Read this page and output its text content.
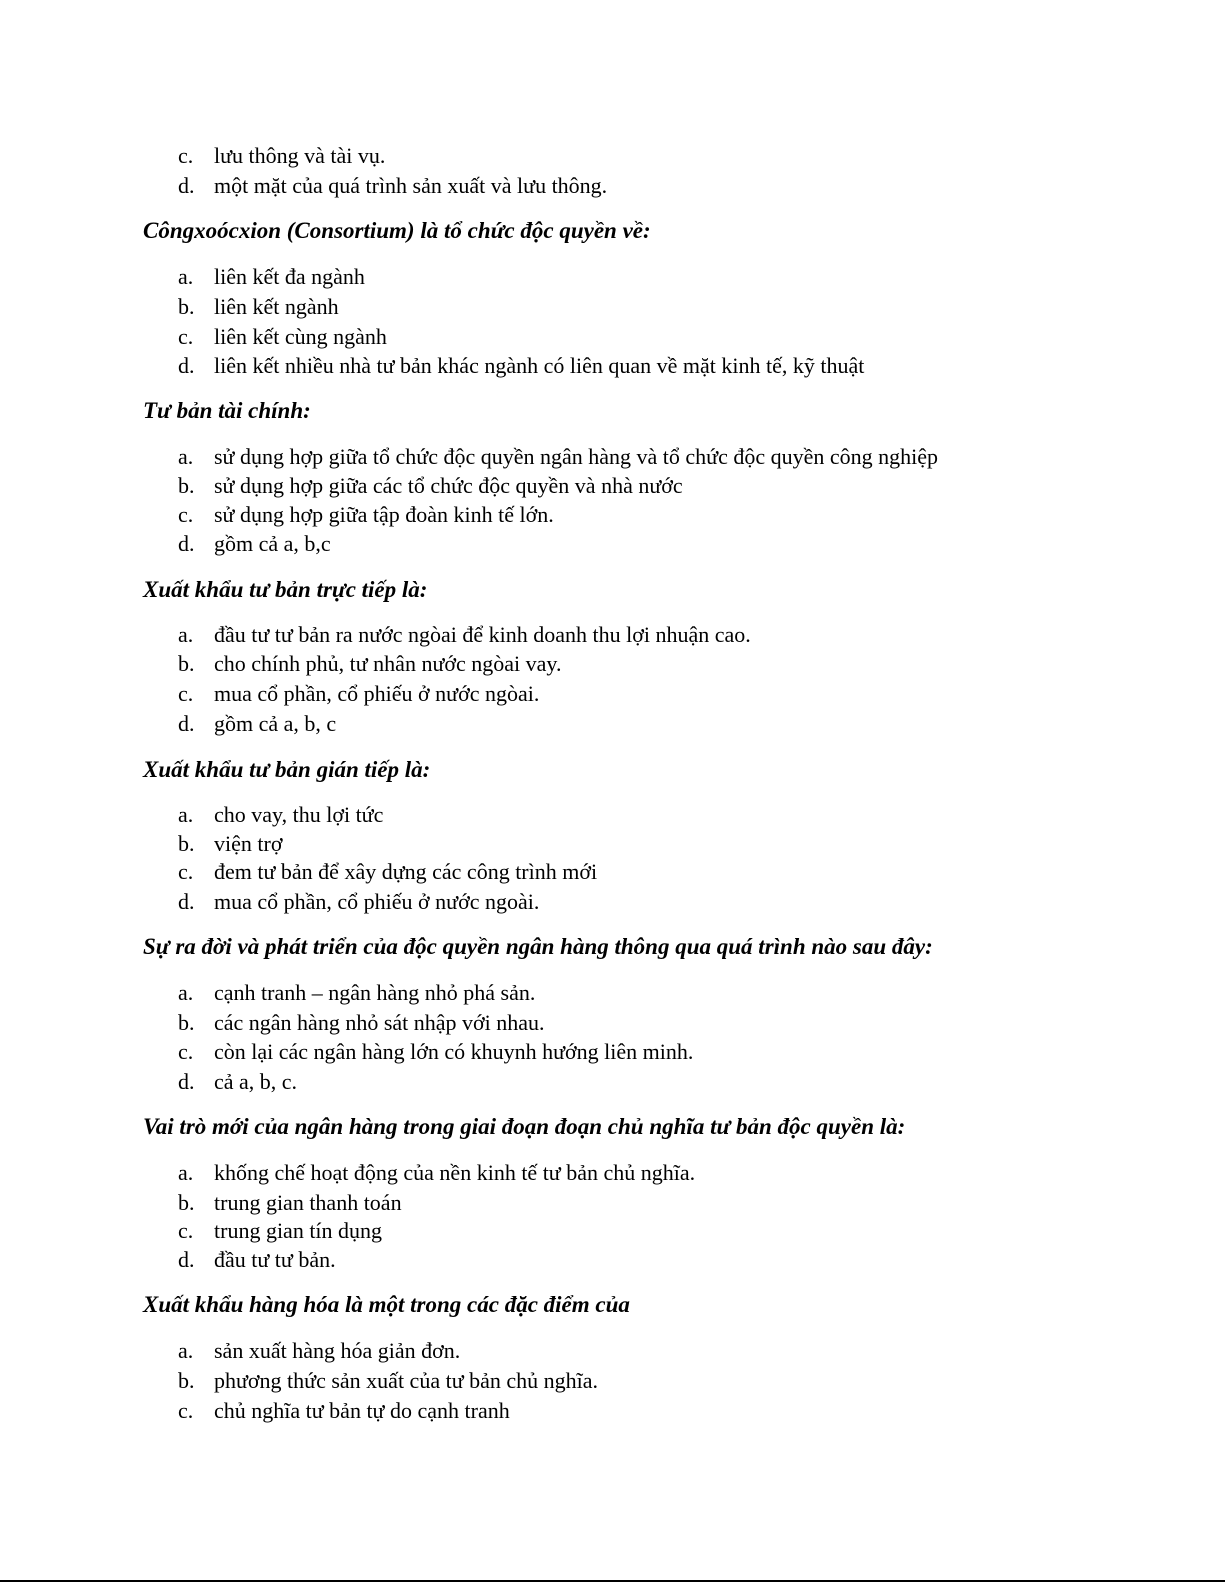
c. lưu thông và tài vụ.
d. một mặt của quá trình sản xuất và lưu thông.
Côngxoócxion (Consortium) là tổ chức độc quyền về:
a. liên kết đa ngành
b. liên kết ngành
c. liên kết cùng ngành
d. liên kết nhiều nhà tư bản khác ngành có liên quan về mặt kinh tế, kỹ thuật
Tư bản tài chính:
a. sử dụng hợp giữa tổ chức độc quyền ngân hàng và tổ chức độc quyền công nghiệp
b. sử dụng hợp giữa các tổ chức độc quyền và nhà nước
c. sử dụng hợp giữa tập đoàn kinh tế lớn.
d. gồm cả a, b,c
Xuất khẩu tư bản trực tiếp là:
a. đầu tư tư bản ra nước ngòai để kinh doanh thu lợi nhuận cao.
b. cho chính phủ, tư nhân nước ngòai vay.
c. mua cổ phần, cổ phiếu ở nước ngòai.
d. gồm cả a, b, c
Xuất khẩu tư bản gián tiếp là:
a. cho vay, thu lợi tức
b. viện trợ
c. đem tư bản để xây dựng các công trình mới
d. mua cổ phần, cổ phiếu ở nước ngoài.
Sự ra đời và phát triển của độc quyền ngân hàng thông qua quá trình nào sau đây:
a. cạnh tranh – ngân hàng nhỏ phá sản.
b. các ngân hàng nhỏ sát nhập với nhau.
c. còn lại các ngân hàng lớn có khuynh hướng liên minh.
d. cả a, b, c.
Vai trò mới của ngân hàng trong giai đoạn đoạn chủ nghĩa tư bản độc quyền là:
a. khống chế hoạt động của nền kinh tế tư bản chủ nghĩa.
b. trung gian thanh toán
c. trung gian tín dụng
d. đầu tư tư bản.
Xuất khẩu hàng hóa là một trong các đặc điểm của
a. sản xuất hàng hóa giản đơn.
b. phương thức sản xuất của tư bản chủ nghĩa.
c. chủ nghĩa tư bản tự do cạnh tranh
